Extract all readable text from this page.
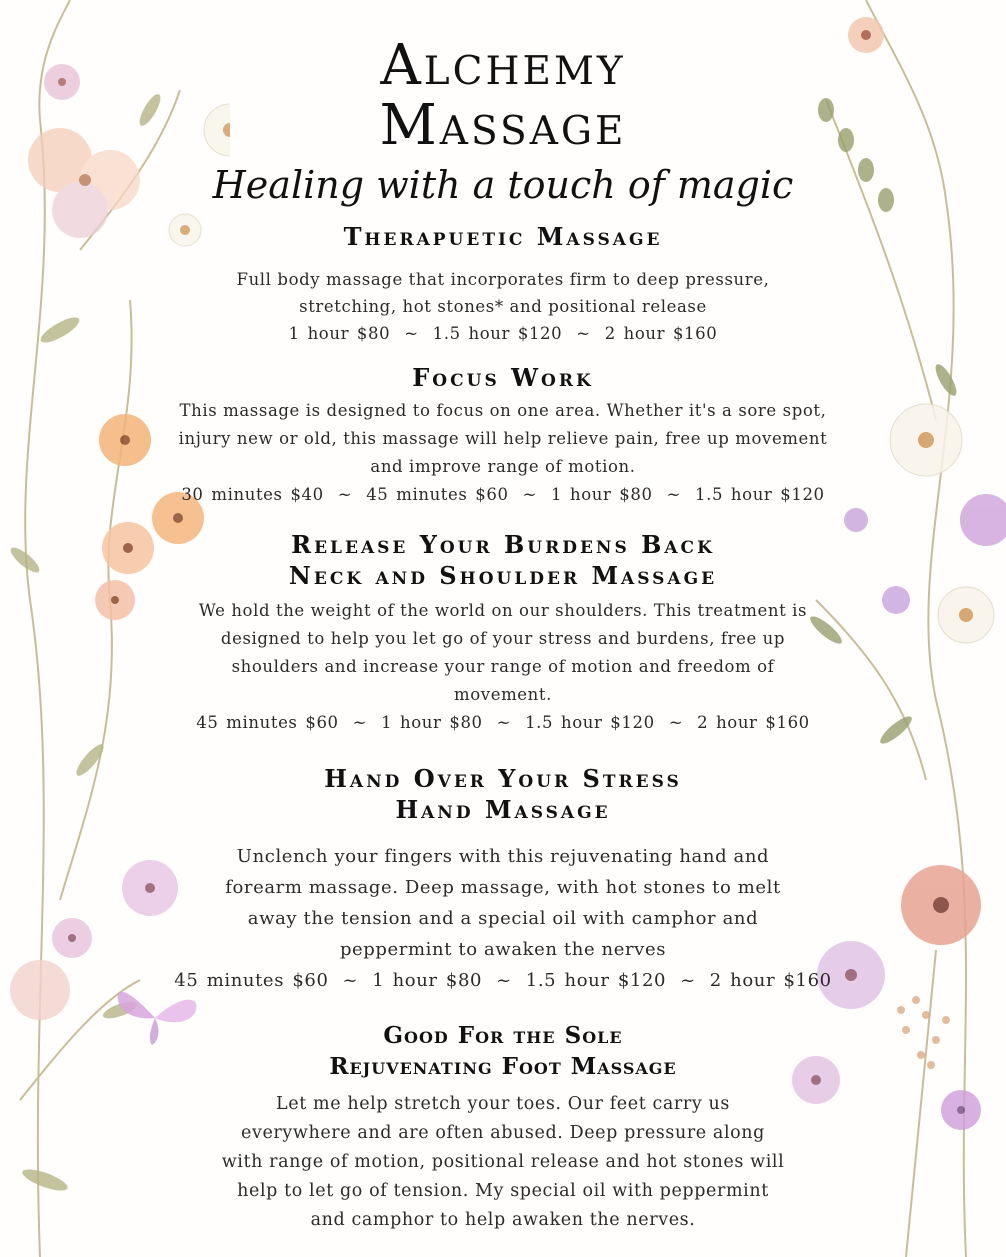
Alchemy
Massage
Healing with a touch of magic
Therapuetic Massage
Full body massage that incorporates firm to deep pressure, stretching, hot stones* and positional release
1 hour $80 ~ 1.5 hour $120 ~ 2 hour $160
Focus Work
This massage is designed to focus on one area. Whether it's a sore spot, injury new or old, this massage will help relieve pain, free up movement and improve range of motion.
30 minutes $40 ~ 45 minutes $60 ~ 1 hour $80 ~ 1.5 hour $120
Release Your Burdens Back
Neck and Shoulder Massage
We hold the weight of the world on our shoulders. This treatment is designed to help you let go of your stress and burdens, free up shoulders and increase your range of motion and freedom of movement.
45 minutes $60 ~ 1 hour $80 ~ 1.5 hour $120 ~ 2 hour $160
Hand Over Your Stress
Hand Massage
Unclench your fingers with this rejuvenating hand and forearm massage. Deep massage, with hot stones to melt away the tension and a special oil with camphor and peppermint to awaken the nerves
45 minutes $60 ~ 1 hour $80 ~ 1.5 hour $120 ~ 2 hour $160
Good For the Sole
Rejuvenating Foot Massage
Let me help stretch your toes. Our feet carry us everywhere and are often abused. Deep pressure along with range of motion, positional release and hot stones will help to let go of tension. My special oil with peppermint and camphor to help awaken the nerves.
